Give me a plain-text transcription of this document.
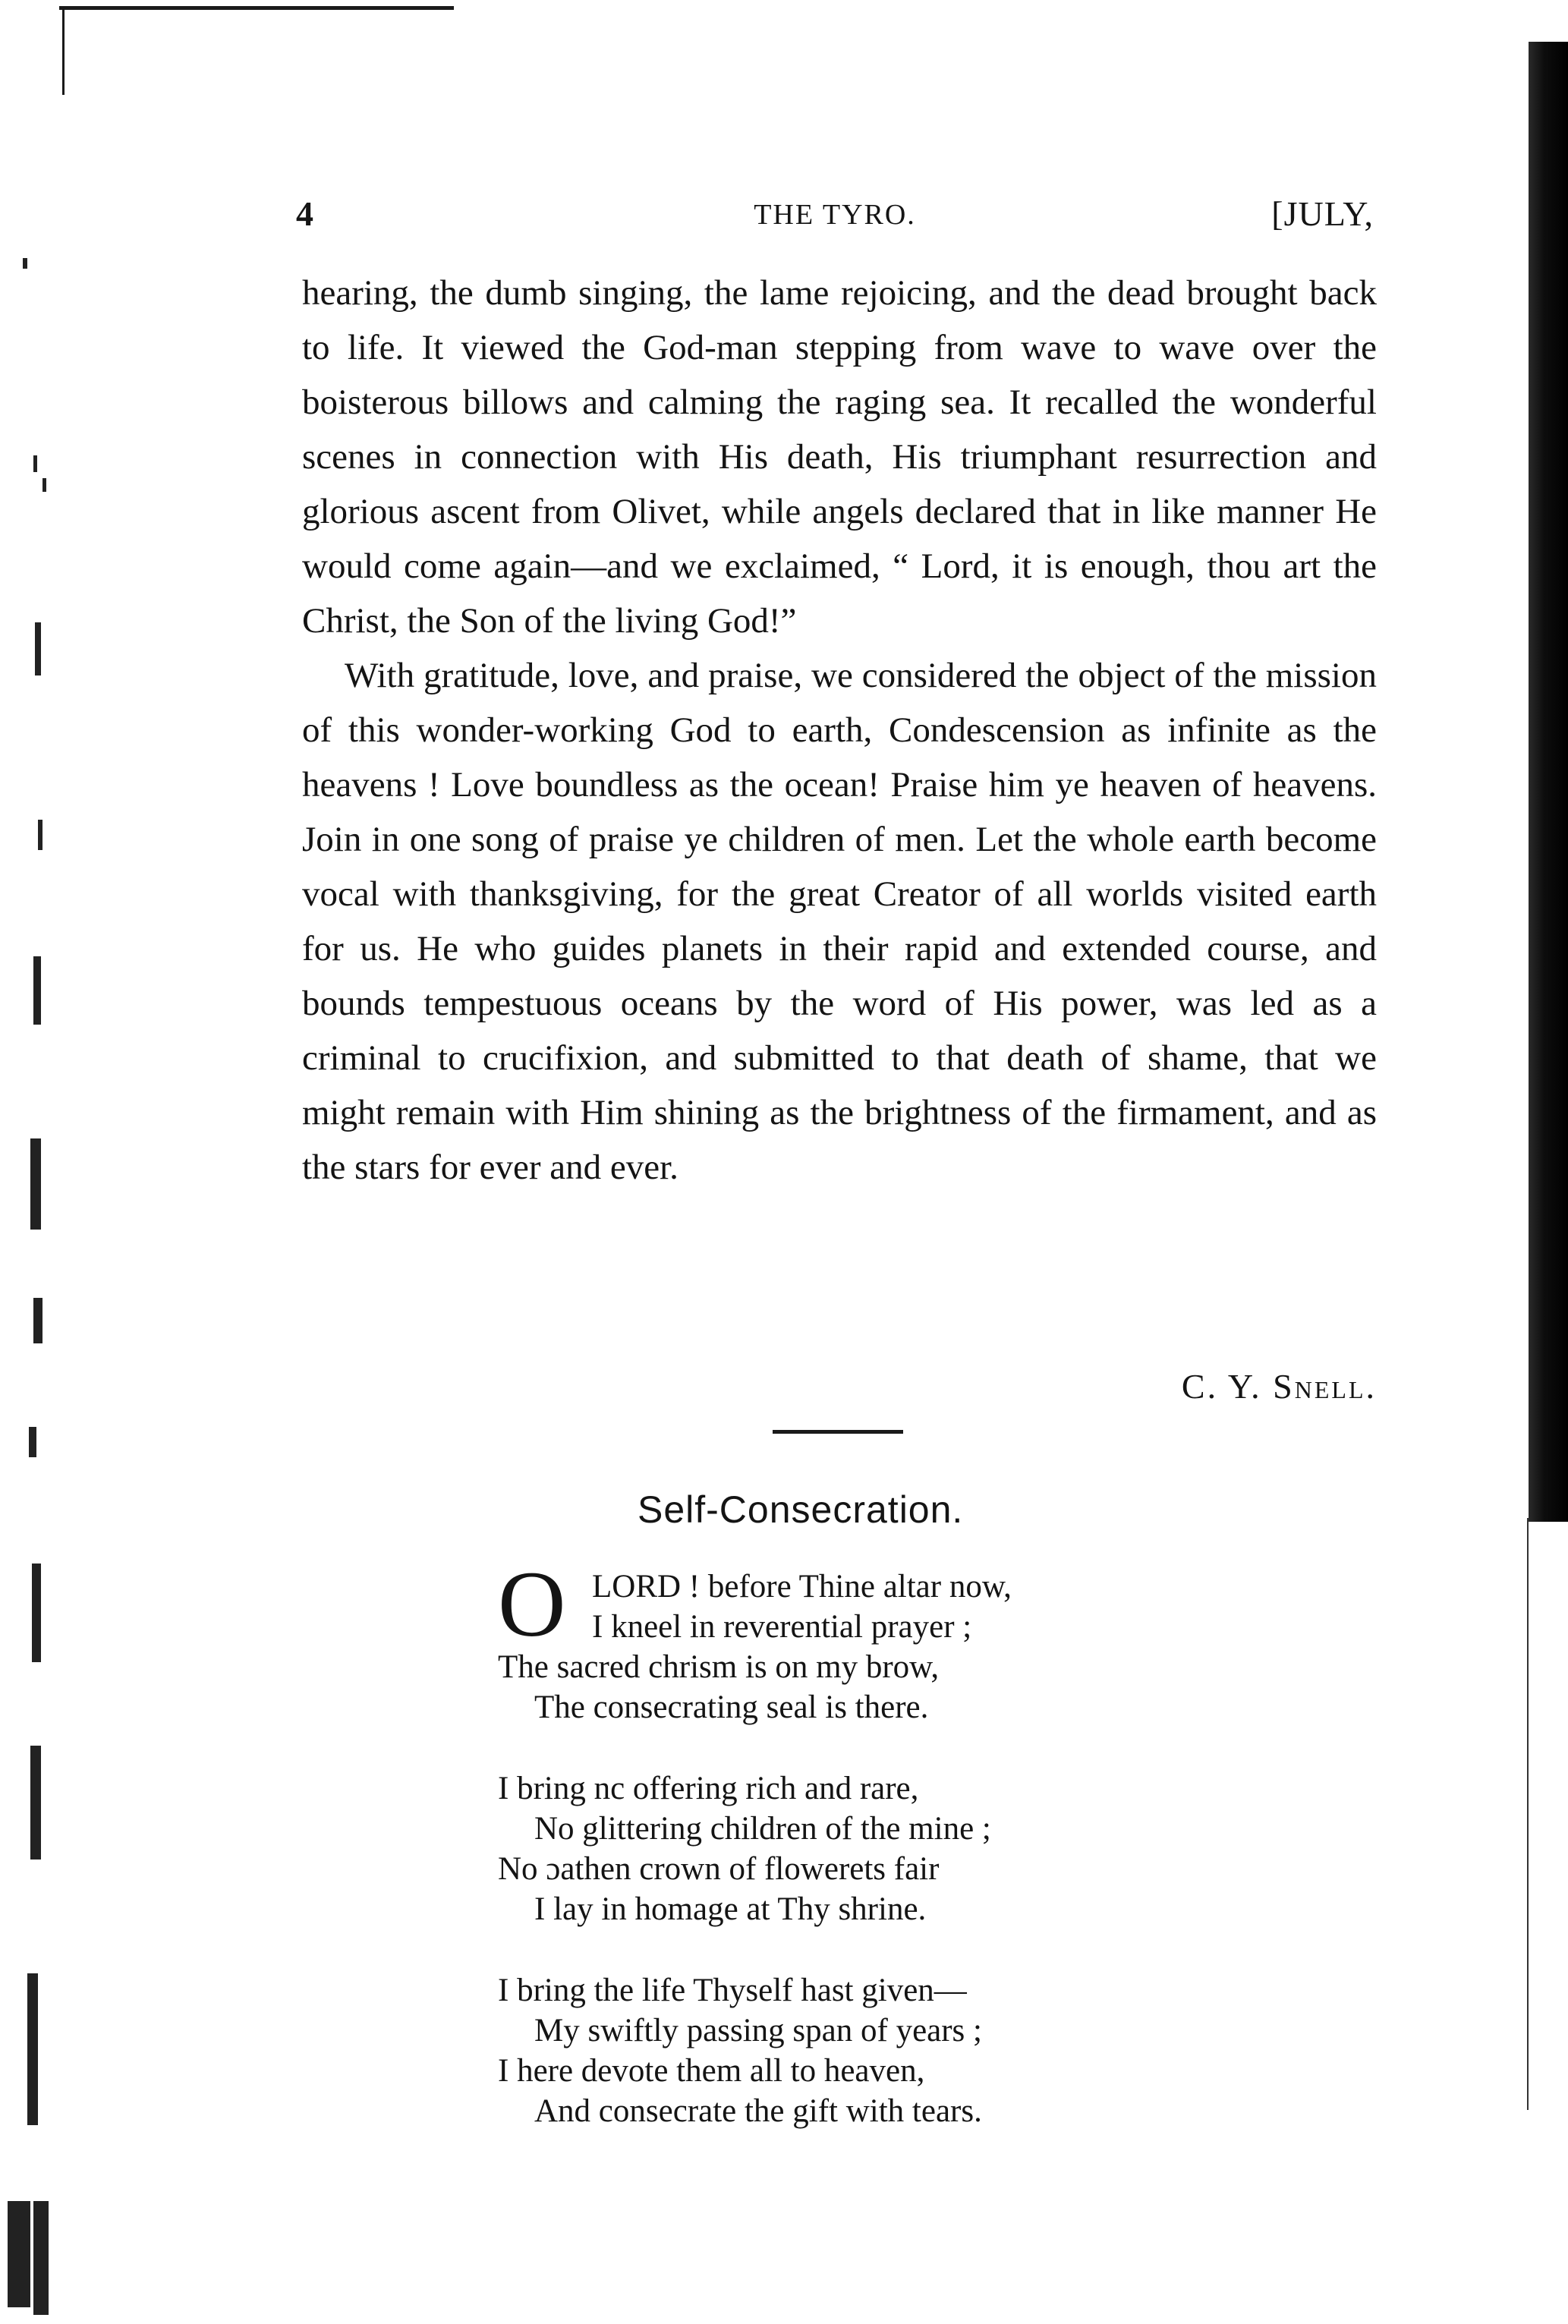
4	THE TYRO.	[JULY,

hearing, the dumb singing, the lame rejoicing, and the dead brought back to life. It viewed the God-man stepping from wave to wave over the boisterous billows and calming the raging sea. It recalled the wonderful scenes in connection with His death, His triumphant resurrection and glorious ascent from Olivet, while angels declared that in like manner He would come again—and we exclaimed, “ Lord, it is enough, thou art the Christ, the Son of the living God!”

With gratitude, love, and praise, we considered the object of the mission of this wonder-working God to earth, Condescension as infinite as the heavens ! Love boundless as the ocean! Praise him ye heaven of heavens. Join in one song of praise ye children of men. Let the whole earth become vocal with thanksgiving, for the great Creator of all worlds visited earth for us. He who guides planets in their rapid and extended course, and bounds tempestuous oceans by the word of His power, was led as a criminal to crucifixion, and submitted to that death of shame, that we might remain with Him shining as the brightness of the firmament, and as the stars for ever and ever.

C. Y. Snell.
Self-Consecration.
O LORD ! before Thine altar now,
I kneel in reverential prayer ;
The sacred chrism is on my brow,
The consecrating seal is there.
I bring nc offering rich and rare,
No glittering children of the mine ;
No ɔathen crown of flowerets fair
I lay in homage at Thy shrine.
I bring the life Thyself hast given—
My swiftly passing span of years ;
I here devote them all to heaven,
And consecrate the gift with tears.
